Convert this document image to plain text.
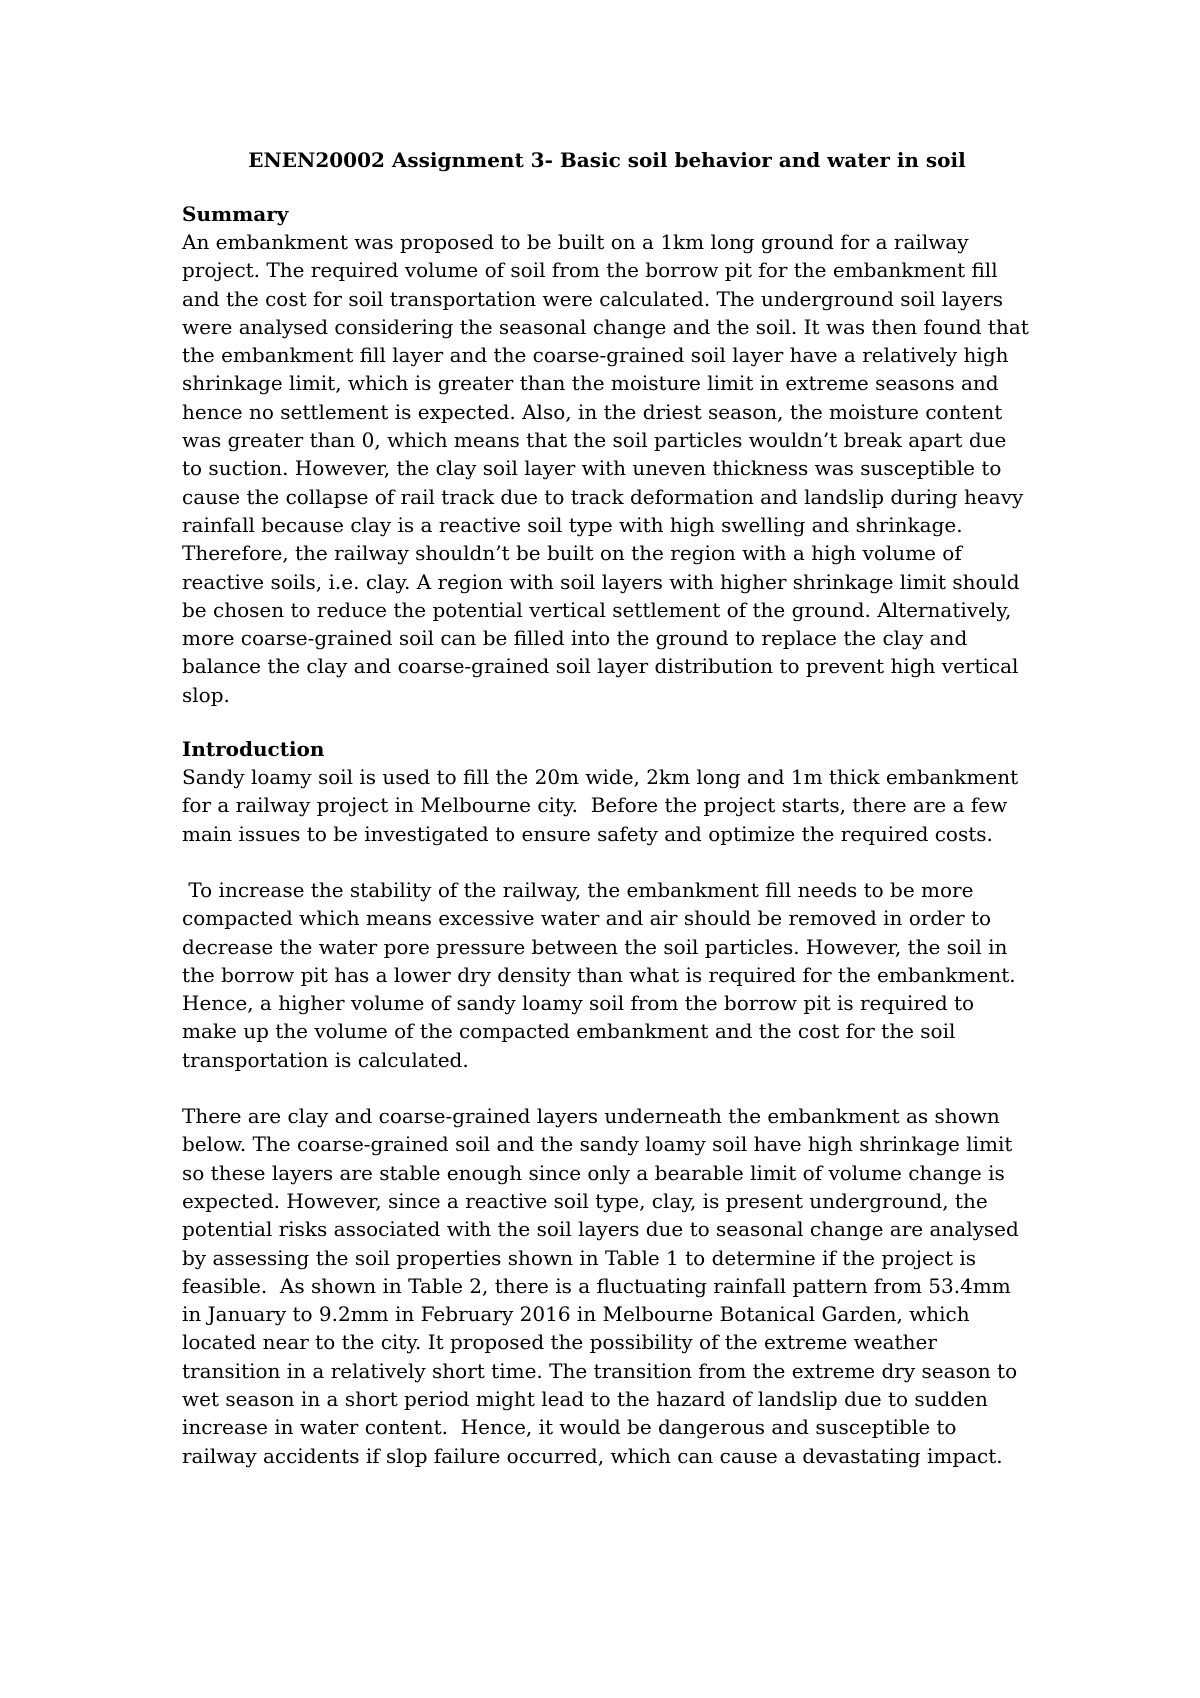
ENEN20002 Assignment 3- Basic soil behavior and water in soil
Summary

An embankment was proposed to be built on a 1km long ground for a railway project. The required volume of soil from the borrow pit for the embankment fill and the cost for soil transportation were calculated. The underground soil layers were analysed considering the seasonal change and the soil. It was then found that the embankment fill layer and the coarse-grained soil layer have a relatively high shrinkage limit, which is greater than the moisture limit in extreme seasons and hence no settlement is expected. Also, in the driest season, the moisture content was greater than 0, which means that the soil particles wouldn’t break apart due to suction. However, the clay soil layer with uneven thickness was susceptible to cause the collapse of rail track due to track deformation and landslip during heavy rainfall because clay is a reactive soil type with high swelling and shrinkage. Therefore, the railway shouldn’t be built on the region with a high volume of reactive soils, i.e. clay. A region with soil layers with higher shrinkage limit should be chosen to reduce the potential vertical settlement of the ground. Alternatively, more coarse-grained soil can be filled into the ground to replace the clay and balance the clay and coarse-grained soil layer distribution to prevent high vertical slop.

Introduction

Sandy loamy soil is used to fill the 20m wide, 2km long and 1m thick embankment for a railway project in Melbourne city.  Before the project starts, there are a few main issues to be investigated to ensure safety and optimize the required costs.

To increase the stability of the railway, the embankment fill needs to be more compacted which means excessive water and air should be removed in order to decrease the water pore pressure between the soil particles. However, the soil in the borrow pit has a lower dry density than what is required for the embankment. Hence, a higher volume of sandy loamy soil from the borrow pit is required to make up the volume of the compacted embankment and the cost for the soil transportation is calculated.

There are clay and coarse-grained layers underneath the embankment as shown below. The coarse-grained soil and the sandy loamy soil have high shrinkage limit so these layers are stable enough since only a bearable limit of volume change is expected. However, since a reactive soil type, clay, is present underground, the potential risks associated with the soil layers due to seasonal change are analysed by assessing the soil properties shown in Table 1 to determine if the project is feasible.  As shown in Table 2, there is a fluctuating rainfall pattern from 53.4mm in January to 9.2mm in February 2016 in Melbourne Botanical Garden, which located near to the city. It proposed the possibility of the extreme weather transition in a relatively short time. The transition from the extreme dry season to wet season in a short period might lead to the hazard of landslip due to sudden increase in water content.  Hence, it would be dangerous and susceptible to railway accidents if slop failure occurred, which can cause a devastating impact.
